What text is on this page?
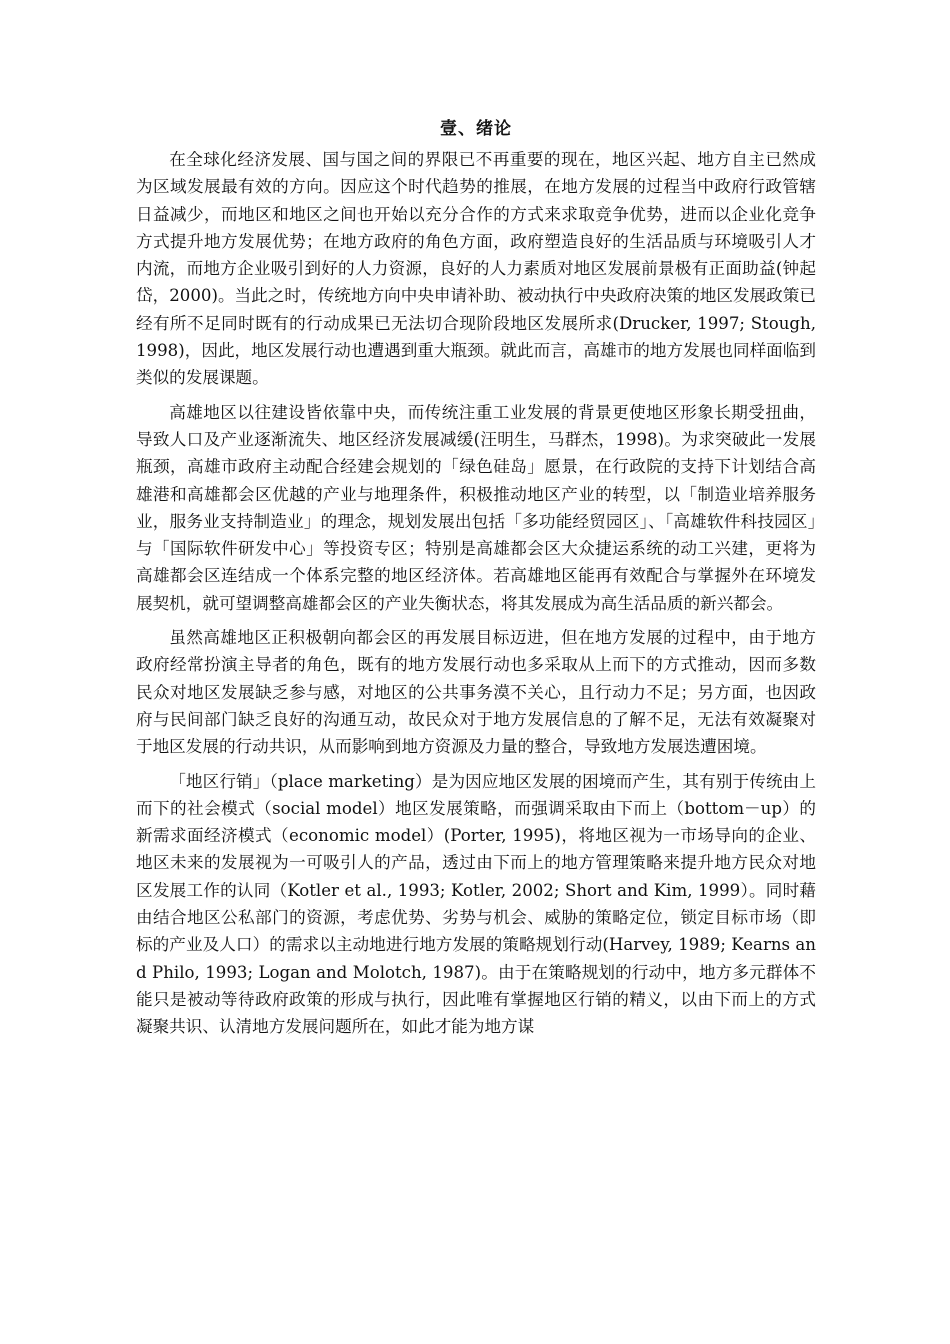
壹、绪论

在全球化经济发展、国与国之间的界限已不再重要的现在，地区兴起、地方自主已然成为区域发展最有效的方向。因应这个时代趋势的推展，在地方发展的过程当中政府行政管辖日益减少，而地区和地区之间也开始以充分合作的方式来求取竞争优势，进而以企业化竞争方式提升地方发展优势；在地方政府的角色方面，政府塑造良好的生活品质与环境吸引人才内流，而地方企业吸引到好的人力资源，良好的人力素质对地区发展前景极有正面助益(钟起岱，2000)。当此之时，传统地方向中央申请补助、被动执行中央政府决策的地区发展政策已经有所不足同时既有的行动成果已无法切合现阶段地区发展所求(Drucker, 1997; Stough, 1998)，因此，地区发展行动也遭遇到重大瓶颈。就此而言，高雄市的地方发展也同样面临到类似的发展课题。

高雄地区以往建设皆依靠中央，而传统注重工业发展的背景更使地区形象长期受扭曲，导致人口及产业逐渐流失、地区经济发展减缓(汪明生，马群杰，1998)。为求突破此一发展瓶颈，高雄市政府主动配合经建会规划的「绿色硅岛」愿景，在行政院的支持下计划结合高雄港和高雄都会区优越的产业与地理条件，积极推动地区产业的转型，以「制造业培养服务业，服务业支持制造业」的理念，规划发展出包括「多功能经贸园区」、「高雄软件科技园区」与「国际软件研发中心」等投资专区；特别是高雄都会区大众捷运系统的动工兴建，更将为高雄都会区连结成一个体系完整的地区经济体。若高雄地区能再有效配合与掌握外在环境发展契机，就可望调整高雄都会区的产业失衡状态，将其发展成为高生活品质的新兴都会。

虽然高雄地区正积极朝向都会区的再发展目标迈进，但在地方发展的过程中，由于地方政府经常扮演主导者的角色，既有的地方发展行动也多采取从上而下的方式推动，因而多数民众对地区发展缺乏参与感，对地区的公共事务漠不关心，且行动力不足；另方面，也因政府与民间部门缺乏良好的沟通互动，故民众对于地方发展信息的了解不足，无法有效凝聚对于地区发展的行动共识，从而影响到地方资源及力量的整合，导致地方发展迭遭困境。

「地区行销」（place marketing）是为因应地区发展的困境而产生，其有别于传统由上而下的社会模式（social model）地区发展策略，而强调采取由下而上（bottom－up）的新需求面经济模式（economic model）(Porter, 1995)，将地区视为一市场导向的企业、地区未来的发展视为一可吸引人的产品，透过由下而上的地方管理策略来提升地方民众对地区发展工作的认同（Kotler et al., 1993; Kotler, 2002; Short and Kim, 1999）。同时藉由结合地区公私部门的资源，考虑优势、劣势与机会、威胁的策略定位，锁定目标市场（即标的产业及人口）的需求以主动地进行地方发展的策略规划行动(Harvey, 1989; Kearns and Philo, 1993; Logan and Molotch, 1987)。由于在策略规划的行动中，地方多元群体不能只是被动等待政府政策的形成与执行，因此唯有掌握地区行销的精义，以由下而上的方式凝聚共识、认清地方发展问题所在，如此才能为地方谋
